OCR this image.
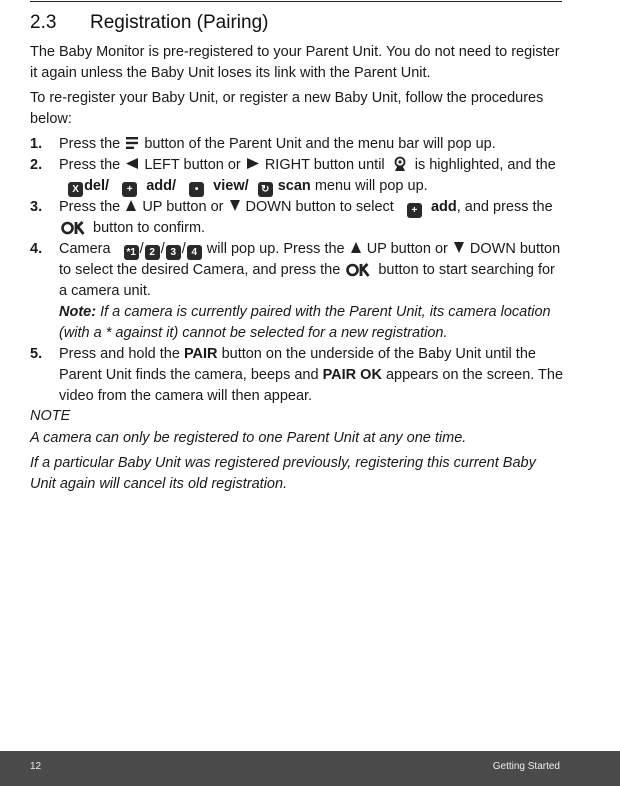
2.3 Registration (Pairing)

The Baby Monitor is pre-registered to your Parent Unit. You do not need to register it again unless the Baby Unit loses its link with the Parent Unit.

To re-register your Baby Unit, or register a new Baby Unit, follow the procedures below:

1. Press the button of the Parent Unit and the menu bar will pop up.
2. Press the LEFT button or RIGHT button until is highlighted, and the   X del/ + add/ • view/ ↻ scan menu will pop up.
3. Press the UP button or DOWN button to select + add, and press the
button to confirm.
4. Camera *1 / 2 / 3 / 4 will pop up. Press the UP button or DOWN button to select the desired Camera, and press the	button to start searching for a camera unit.
Note: If a camera is currently paired with the Parent Unit, its camera location (with a * against it) cannot be selected for a new registration.
5. Press and hold the PAIR button on the underside of the Baby Unit until the Parent Unit finds the camera, beeps and PAIR OK appears on the screen. The video from the camera will then appear.
NOTE

A camera can only be registered to one Parent Unit at any one time.

If a particular Baby Unit was registered previously, registering this current Baby Unit again will cancel its old registration.

12	Getting Started
